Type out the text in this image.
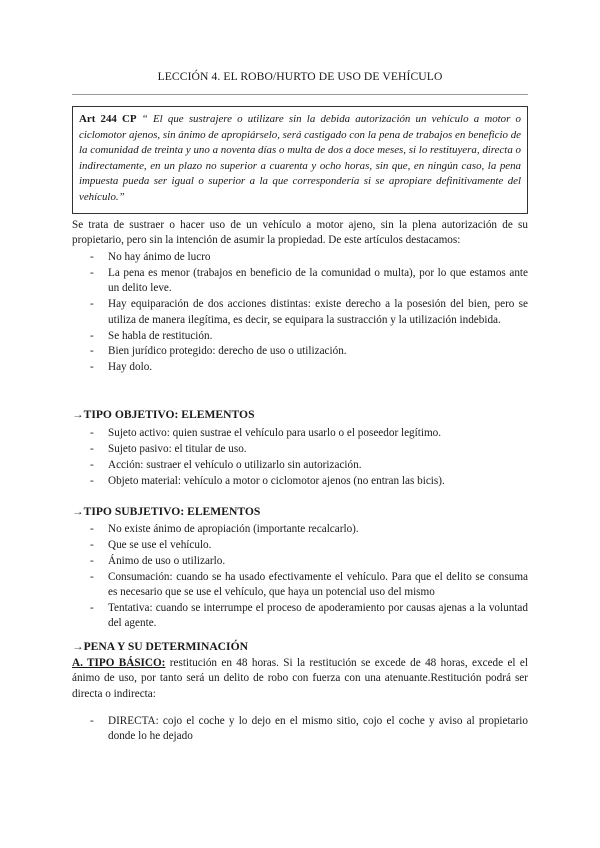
LECCIÓN 4. EL ROBO/HURTO DE USO DE VEHÍCULO
Art 244 CP “ El que sustrajere o utilizare sin la debida autorización un vehículo a motor o ciclomotor ajenos, sin ánimo de apropiárselo, será castigado con la pena de trabajos en beneficio de la comunidad de treinta y uno a noventa días o multa de dos a doce meses, si lo restituyera, directa o indirectamente, en un plazo no superior a cuarenta y ocho horas, sin que, en ningún caso, la pena impuesta pueda ser igual o superior a la que correspondería si se apropiare definitivamente del vehículo.”
Se trata de sustraer o hacer uso de un vehículo a motor ajeno, sin la plena autorización de su propietario, pero sin la intención de asumir la propiedad. De este artículos destacamos:
- No hay ánimo de lucro
- La pena es menor (trabajos en beneficio de la comunidad o multa), por lo que estamos ante un delito leve.
- Hay equiparación de dos acciones distintas: existe derecho a la posesión del bien, pero se utiliza de manera ilegítima, es decir, se equipara la sustracción y la utilización indebida.
- Se habla de restitución.
- Bien jurídico protegido: derecho de uso o utilización.
- Hay dolo.
→TIPO OBJETIVO: ELEMENTOS
- Sujeto activo: quien sustrae el vehículo para usarlo o el poseedor legítimo.
- Sujeto pasivo: el titular de uso.
- Acción: sustraer el vehículo o utilizarlo sin autorización.
- Objeto material: vehículo a motor o ciclomotor ajenos (no entran las bicis).
→TIPO SUBJETIVO: ELEMENTOS
- No existe ánimo de apropiación (importante recalcarlo).
- Que se use el vehículo.
- Ánimo de uso o utilizarlo.
- Consumación: cuando se ha usado efectivamente el vehículo. Para que el delito se consuma es necesario que se use el vehículo, que haya un potencial uso del mismo
- Tentativa: cuando se interrumpe el proceso de apoderamiento por causas ajenas a la voluntad del agente.
→PENA Y SU DETERMINACIÓN
A. TIPO BÁSICO: restitución en 48 horas. Si la restitución se excede de 48 horas, excede el el ánimo de uso, por tanto será un delito de robo con fuerza con una atenuante.Restitución podrá ser directa o indirecta:
- DIRECTA: cojo el coche y lo dejo en el mismo sitio, cojo el coche y aviso al propietario donde lo he dejado
